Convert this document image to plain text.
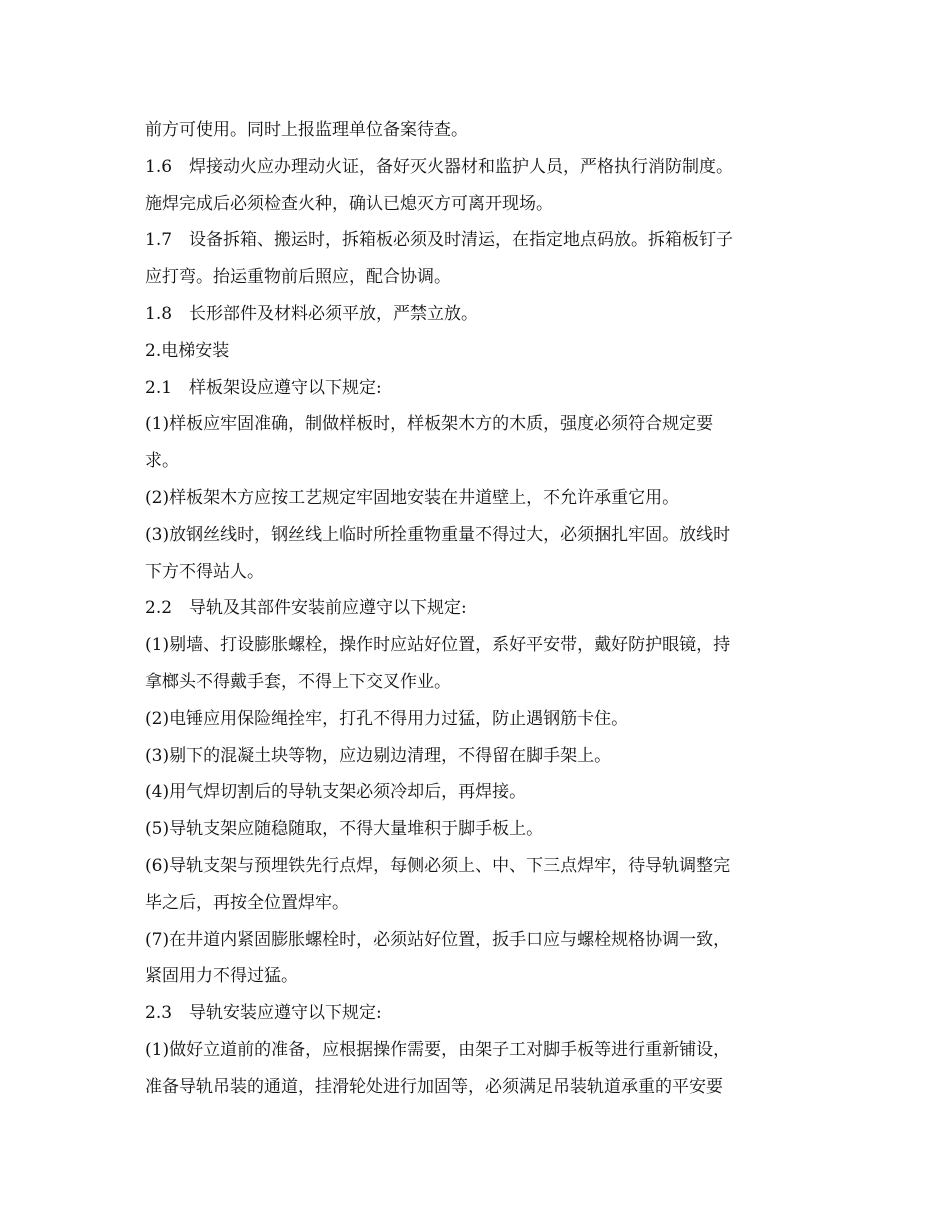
前方可使用。同时上报监理单位备案待查。
1.6　焊接动火应办理动火证，备好灭火器材和监护人员，严格执行消防制度。
施焊完成后必须检查火种，确认已熄灭方可离开现场。
1.7　设备拆箱、搬运时，拆箱板必须及时清运，在指定地点码放。拆箱板钉子
应打弯。抬运重物前后照应，配合协调。
1.8　长形部件及材料必须平放，严禁立放。
2.电梯安装
2.1　样板架设应遵守以下规定:
(1)样板应牢固准确，制做样板时，样板架木方的木质，强度必须符合规定要
求。
(2)样板架木方应按工艺规定牢固地安装在井道壁上，不允许承重它用。
(3)放钢丝线时，钢丝线上临时所拴重物重量不得过大，必须捆扎牢固。放线时
下方不得站人。
2.2　导轨及其部件安装前应遵守以下规定:
(1)剔墙、打设膨胀螺栓，操作时应站好位置，系好平安带，戴好防护眼镜，持
拿榔头不得戴手套，不得上下交叉作业。
(2)电锤应用保险绳拴牢，打孔不得用力过猛，防止遇钢筋卡住。
(3)剔下的混凝土块等物，应边剔边清理，不得留在脚手架上。
(4)用气焊切割后的导轨支架必须冷却后，再焊接。
(5)导轨支架应随稳随取，不得大量堆积于脚手板上。
(6)导轨支架与预埋铁先行点焊，每侧必须上、中、下三点焊牢，待导轨调整完
毕之后，再按全位置焊牢。
(7)在井道内紧固膨胀螺栓时，必须站好位置，扳手口应与螺栓规格协调一致，
紧固用力不得过猛。
2.3　导轨安装应遵守以下规定:
(1)做好立道前的准备，应根据操作需要，由架子工对脚手板等进行重新铺设，
准备导轨吊装的通道，挂滑轮处进行加固等，必须满足吊装轨道承重的平安要
